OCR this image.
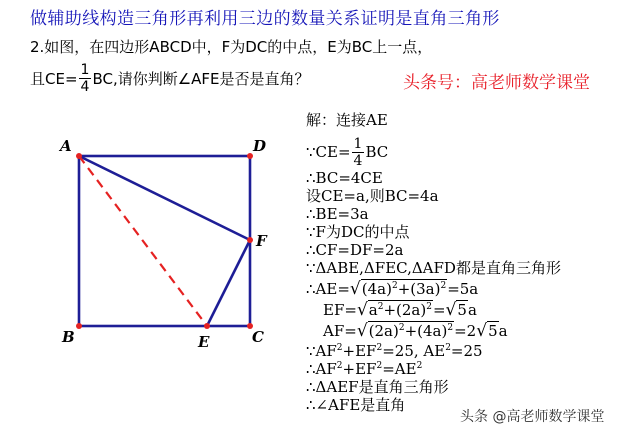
做辅助线构造三角形再利用三边的数量关系证明是直角三角形
2.如图，在四边形ABCD中，F为DC的中点，E为BC上一点，
且$CE= \frac{1}{4}$ BC,请你判断∠AFE是否是直角？	头条号：高老师数学课堂
A	D
F
B	E	C
解：连接AE
∵CE= $\frac{1}{4}$ BC
∴BC=4CE
设CE=a,则BC=4a
∴BE=3a
∵F为DC的中点
∴CF=DF=2a
∵ΔABE,ΔFEC,ΔAFD都是直角三角形
$\therefore AE=√(4a)^2+(3a)^2=5a$
$EF=√a^2+(2a)^2=√5a$
$AF=√(2a)^2+(4a)^2=2√5a$
$\because AF^2+EF^2=25$, $AE^2=25$
$\therefore AF^2+EF^2=AE^2$
∴ΔAEF是直角三角形
∴∠AFE是直角
头条 @高老师数学课堂
